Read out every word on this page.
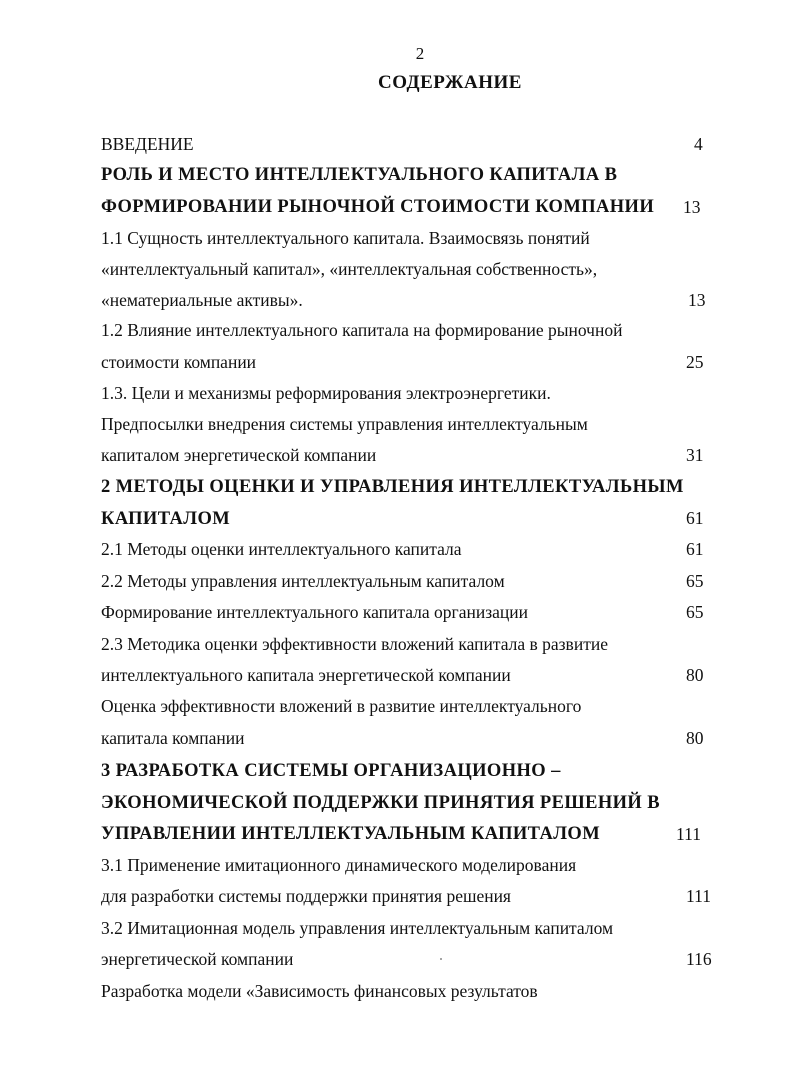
2
СОДЕРЖАНИЕ
ВВЕДЕНИЕ	4
РОЛЬ И МЕСТО ИНТЕЛЛЕКТУАЛЬНОГО КАПИТАЛА В
ФОРМИРОВАНИИ РЫНОЧНОЙ СТОИМОСТИ КОМПАНИИ 13
1.1 Сущность интеллектуального капитала. Взаимосвязь понятий
«интеллектуальный капитал», «интеллектуальная собственность»,
«нематериальные активы».	13
1.2 Влияние интеллектуального капитала на формирование рыночной
стоимости компании	25
1.3. Цели и механизмы реформирования электроэнергетики.
Предпосылки внедрения системы управления интеллектуальным
капиталом энергетической компании	31
2 МЕТОДЫ ОЦЕНКИ И УПРАВЛЕНИЯ ИНТЕЛЛЕКТУАЛЬНЫМ
КАПИТАЛОМ	61
2.1 Методы оценки интеллектуального капитала	61
2.2 Методы управления интеллектуальным капиталом	65
Формирование интеллектуального капитала организации	65
2.3 Методика оценки эффективности вложений капитала в развитие
интеллектуального капитала энергетической компании	80
Оценка эффективности вложений в развитие интеллектуального
капитала компании	80
3 РАЗРАБОТКА СИСТЕМЫ ОРГАНИЗАЦИОННО –
ЭКОНОМИЧЕСКОЙ ПОДДЕРЖКИ ПРИНЯТИЯ РЕШЕНИЙ В
УПРАВЛЕНИИ ИНТЕЛЛЕКТУАЛЬНЫМ КАПИТАЛОМ	111
3.1 Применение имитационного динамического моделирования
для разработки системы поддержки принятия решения	111
3.2 Имитационная модель управления интеллектуальным капиталом
энергетической компании	116
Разработка модели «Зависимость финансовых результатов
